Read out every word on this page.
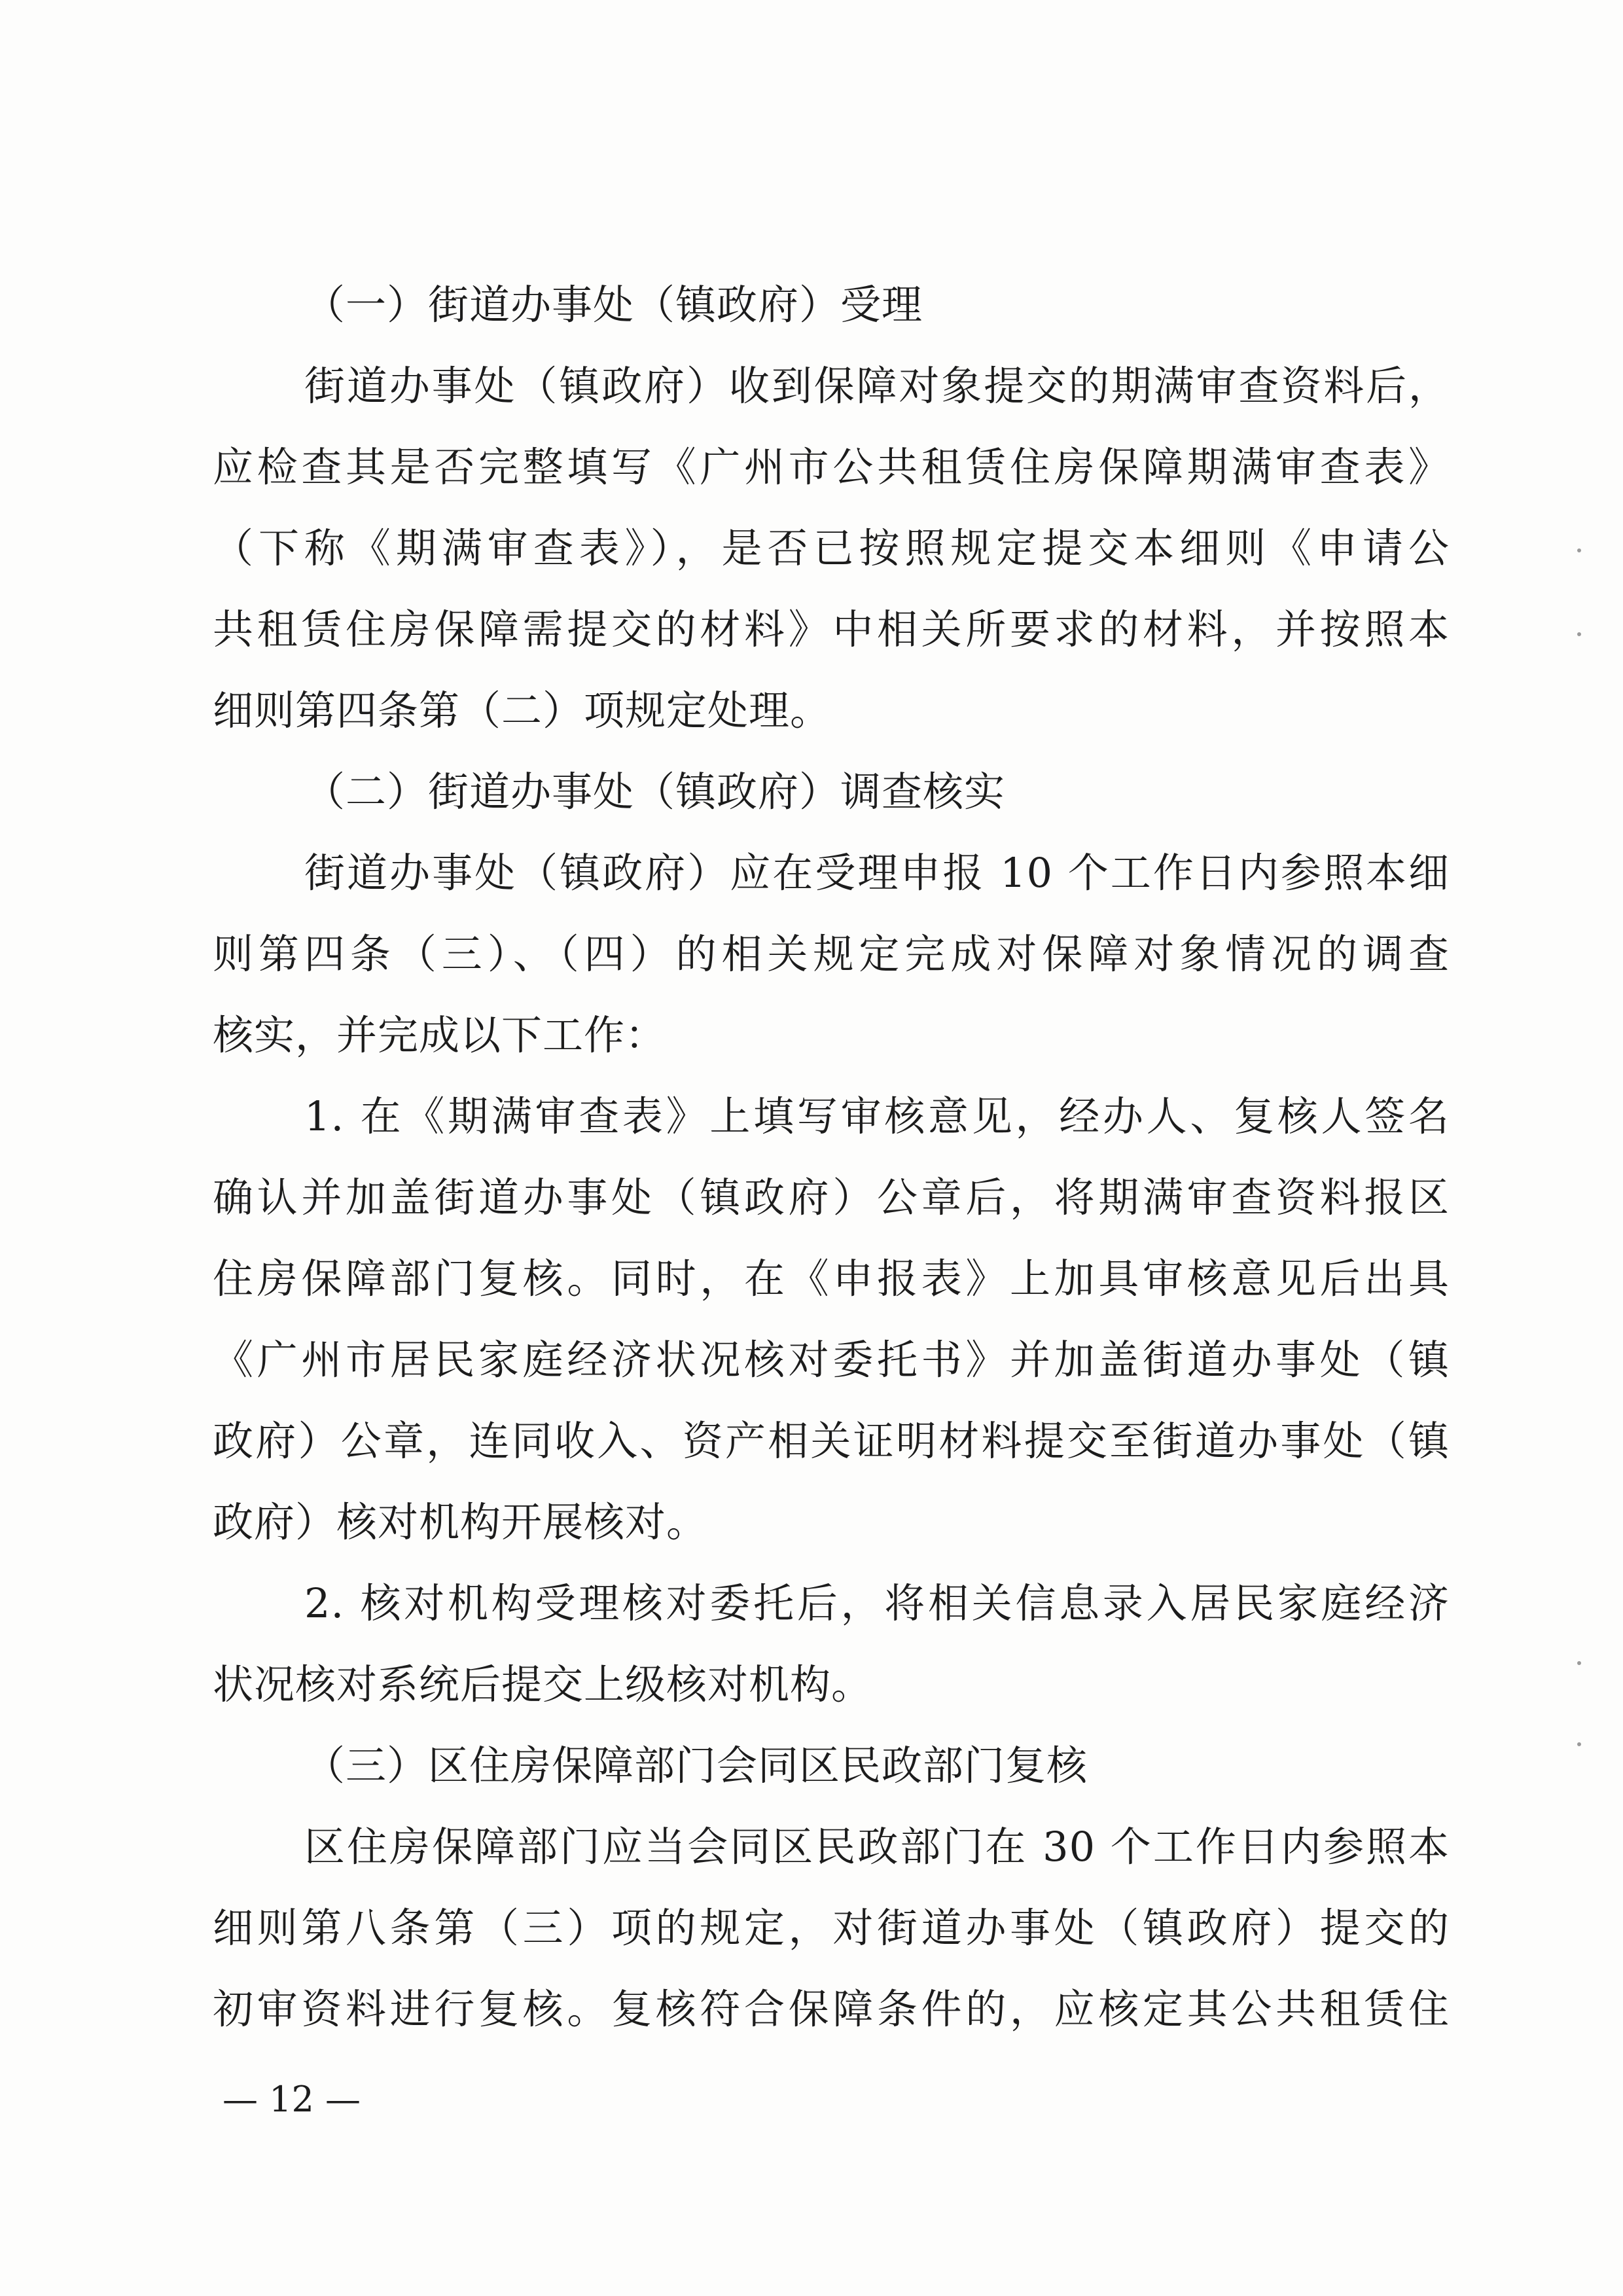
（一）街道办事处（镇政府）受理
街道办事处（镇政府）收到保障对象提交的期满审查资料后，
应检查其是否完整填写《广州市公共租赁住房保障期满审查表》
（下称《期满审查表》），是否已按照规定提交本细则《申请公
共租赁住房保障需提交的材料》中相关所要求的材料，并按照本
细则第四条第（二）项规定处理。
（二）街道办事处（镇政府）调查核实
街道办事处（镇政府）应在受理申报 10 个工作日内参照本细
则第四条（三）、（四）的相关规定完成对保障对象情况的调查
核实，并完成以下工作：
1. 在《期满审查表》上填写审核意见，经办人、复核人签名
确认并加盖街道办事处（镇政府）公章后，将期满审查资料报区
住房保障部门复核。同时，在《申报表》上加具审核意见后出具
《广州市居民家庭经济状况核对委托书》并加盖街道办事处（镇
政府）公章，连同收入、资产相关证明材料提交至街道办事处（镇
政府）核对机构开展核对。
2. 核对机构受理核对委托后，将相关信息录入居民家庭经济
状况核对系统后提交上级核对机构。
（三）区住房保障部门会同区民政部门复核
区住房保障部门应当会同区民政部门在 30 个工作日内参照本
细则第八条第（三）项的规定，对街道办事处（镇政府）提交的
初审资料进行复核。复核符合保障条件的，应核定其公共租赁住
— 12 —
